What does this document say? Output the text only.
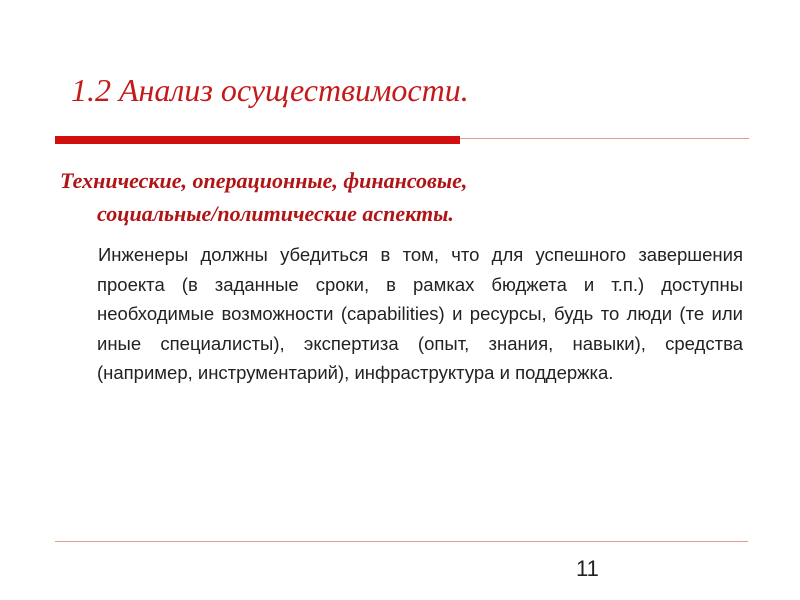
1.2 Анализ осуществимости.

Технические, операционные, финансовые,
социальные/политические аспекты.

Инженеры должны убедиться в том, что для успешного завершения проекта (в заданные сроки, в рамках бюджета и т.п.) доступны необходимые возможности (capabilities) и ресурсы, будь то люди (те или иные специалисты), экспертиза (опыт, знания, навыки), средства (например, инструментарий), инфраструктура и поддержка.

11
